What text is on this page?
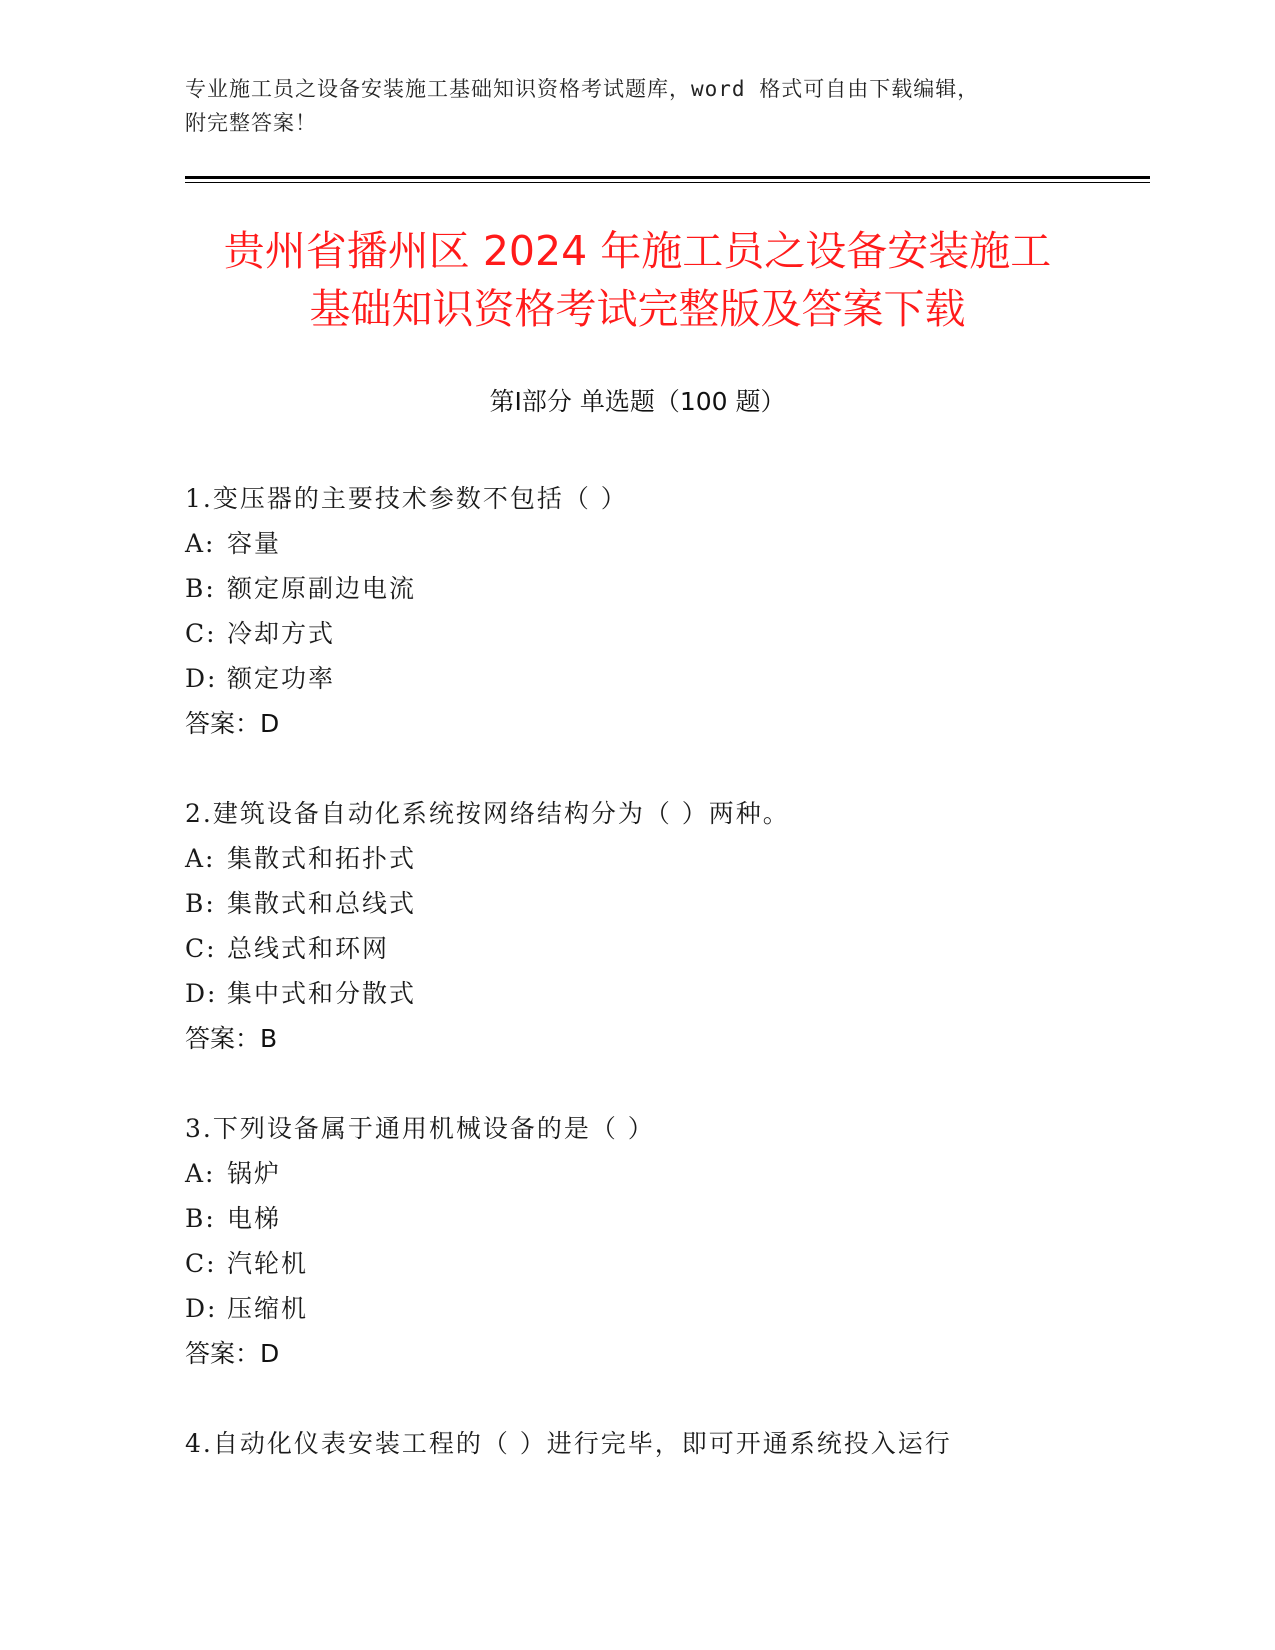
专业施工员之设备安装施工基础知识资格考试题库，word 格式可自由下载编辑，
附完整答案！
贵州省播州区 2024 年施工员之设备安装施工
基础知识资格考试完整版及答案下载
第Ⅰ部分 单选题（100 题）
1.变压器的主要技术参数不包括（ ）
A: 容量
B: 额定原副边电流
C: 冷却方式
D: 额定功率
答案：D
2.建筑设备自动化系统按网络结构分为（ ）两种。
A: 集散式和拓扑式
B: 集散式和总线式
C: 总线式和环网
D: 集中式和分散式
答案：B
3.下列设备属于通用机械设备的是（ ）
A: 锅炉
B: 电梯
C: 汽轮机
D: 压缩机
答案：D
4.自动化仪表安装工程的（ ）进行完毕，即可开通系统投入运行
